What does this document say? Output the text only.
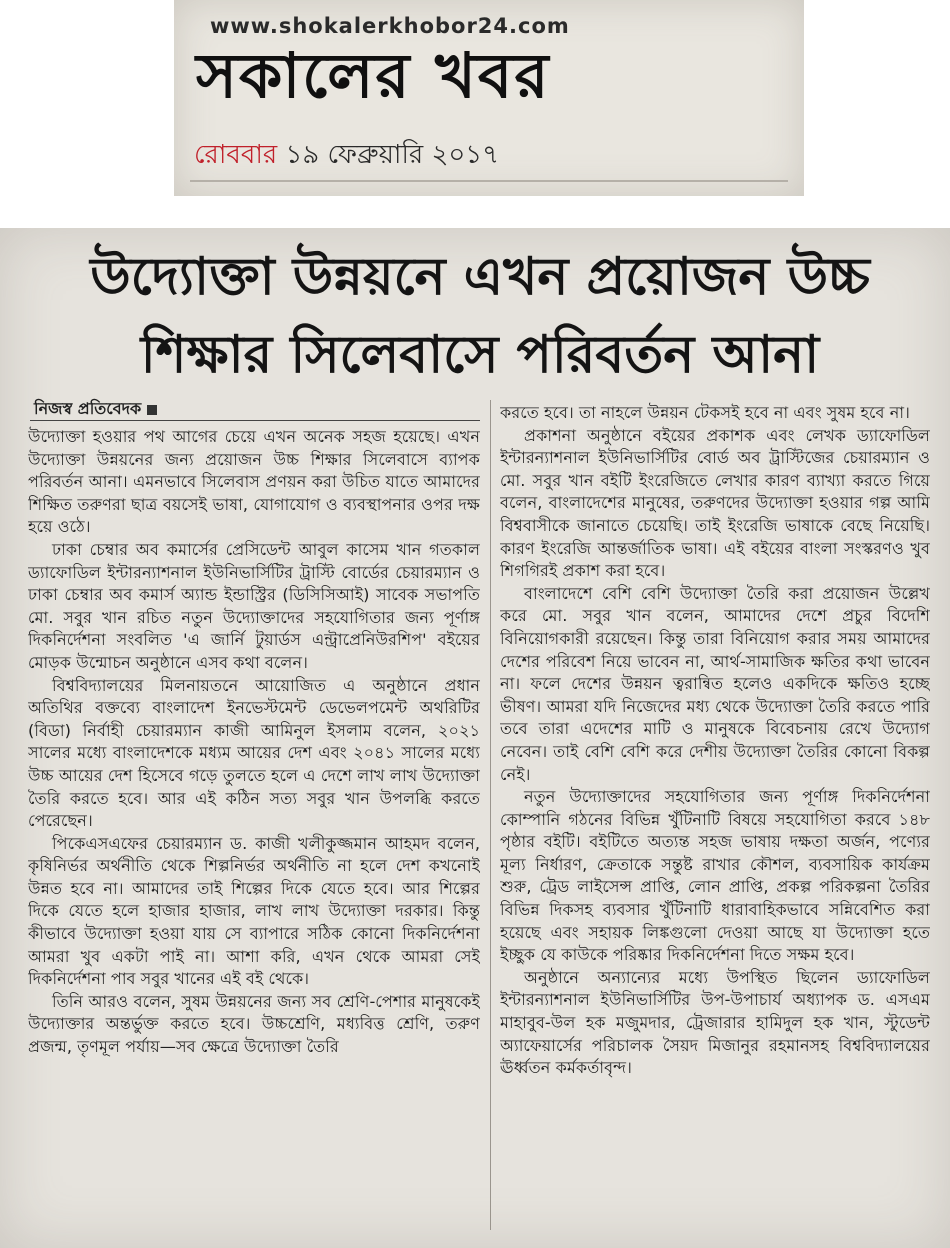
www.shokalerkhobor24.com
সকালের খবর
রোববার ১৯ ফেব্রুয়ারি ২০১৭
উদ্যোক্তা উন্নয়নে এখন প্রয়োজন উচ্চ
শিক্ষার সিলেবাসে পরিবর্তন আনা
নিজস্ব প্রতিবেদক

উদ্যোক্তা হওয়ার পথ আগের চেয়ে এখন অনেক সহজ হয়েছে। এখন উদ্যোক্তা উন্নয়নের জন্য প্রয়োজন উচ্চ শিক্ষার সিলেবাসে ব্যাপক পরিবর্তন আনা। এমনভাবে সিলেবাস প্রণয়ন করা উচিত যাতে আমাদের শিক্ষিত তরুণরা ছাত্র বয়সেই ভাষা, যোগাযোগ ও ব্যবস্থাপনার ওপর দক্ষ হয়ে ওঠে।

ঢাকা চেম্বার অব কমার্সের প্রেসিডেন্ট আবুল কাসেম খান গতকাল ড্যাফোডিল ইন্টারন্যাশনাল ইউনিভার্সিটির ট্রাস্টি বোর্ডের চেয়ারম্যান ও ঢাকা চেম্বার অব কমার্স অ্যান্ড ইন্ডাস্ট্রির (ডিসিসিআই) সাবেক সভাপতি মো. সবুর খান রচিত নতুন উদ্যোক্তাদের সহযোগিতার জন্য পূর্ণাঙ্গ দিকনির্দেশনা সংবলিত 'এ জার্নি টুয়ার্ডস এন্ট্রাপ্রেনিউরশিপ' বইয়ের মোড়ক উন্মোচন অনুষ্ঠানে এসব কথা বলেন।

বিশ্ববিদ্যালয়ের মিলনায়তনে আয়োজিত এ অনুষ্ঠানে প্রধান অতিথির বক্তব্যে বাংলাদেশ ইনভেস্টমেন্ট ডেভেলপমেন্ট অথরিটির (বিডা) নির্বাহী চেয়ারম্যান কাজী আমিনুল ইসলাম বলেন, ২০২১ সালের মধ্যে বাংলাদেশকে মধ্যম আয়ের দেশ এবং ২০৪১ সালের মধ্যে উচ্চ আয়ের দেশ হিসেবে গড়ে তুলতে হলে এ দেশে লাখ লাখ উদ্যোক্তা তৈরি করতে হবে। আর এই কঠিন সত্য সবুর খান উপলব্ধি করতে পেরেছেন।

পিকেএসএফের চেয়ারম্যান ড. কাজী খলীকুজ্জমান আহমদ বলেন, কৃষিনির্ভর অর্থনীতি থেকে শিল্পনির্ভর অর্থনীতি না হলে দেশ কখনোই উন্নত হবে না। আমাদের তাই শিল্পের দিকে যেতে হবে। আর শিল্পের দিকে যেতে হলে হাজার হাজার, লাখ লাখ উদ্যোক্তা দরকার। কিন্তু কীভাবে উদ্যোক্তা হওয়া যায় সে ব্যাপারে সঠিক কোনো দিকনির্দেশনা আমরা খুব একটা পাই না। আশা করি, এখন থেকে আমরা সেই দিকনির্দেশনা পাব সবুর খানের এই বই থেকে।

তিনি আরও বলেন, সুষম উন্নয়নের জন্য সব শ্রেণি-পেশার মানুষকেই উদ্যোক্তার অন্তর্ভুক্ত করতে হবে। উচ্চশ্রেণি, মধ্যবিত্ত শ্রেণি, তরুণ প্রজন্ম, তৃণমূল পর্যায়—সব ক্ষেত্রে উদ্যোক্তা তৈরি

করতে হবে। তা নাহলে উন্নয়ন টেকসই হবে না এবং সুষম হবে না।

প্রকাশনা অনুষ্ঠানে বইয়ের প্রকাশক এবং লেখক ড্যাফোডিল ইন্টারন্যাশনাল ইউনিভার্সিটির বোর্ড অব ট্রাস্টিজের চেয়ারম্যান ও মো. সবুর খান বইটি ইংরেজিতে লেখার কারণ ব্যাখ্যা করতে গিয়ে বলেন, বাংলাদেশের মানুষের, তরুণদের উদ্যোক্তা হওয়ার গল্প আমি বিশ্ববাসীকে জানাতে চেয়েছি। তাই ইংরেজি ভাষাকে বেছে নিয়েছি। কারণ ইংরেজি আন্তর্জাতিক ভাষা। এই বইয়ের বাংলা সংস্করণও খুব শিগগিরই প্রকাশ করা হবে।

বাংলাদেশে বেশি বেশি উদ্যোক্তা তৈরি করা প্রয়োজন উল্লেখ করে মো. সবুর খান বলেন, আমাদের দেশে প্রচুর বিদেশি বিনিয়োগকারী রয়েছেন। কিন্তু তারা বিনিয়োগ করার সময় আমাদের দেশের পরিবেশ নিয়ে ভাবেন না, আর্থ-সামাজিক ক্ষতির কথা ভাবেন না। ফলে দেশের উন্নয়ন ত্বরান্বিত হলেও একদিকে ক্ষতিও হচ্ছে ভীষণ। আমরা যদি নিজেদের মধ্য থেকে উদ্যোক্তা তৈরি করতে পারি তবে তারা এদেশের মাটি ও মানুষকে বিবেচনায় রেখে উদ্যোগ নেবেন। তাই বেশি বেশি করে দেশীয় উদ্যোক্তা তৈরির কোনো বিকল্প নেই।

নতুন উদ্যোক্তাদের সহযোগিতার জন্য পূর্ণাঙ্গ দিকনির্দেশনা কোম্পানি গঠনের বিভিন্ন খুঁটিনাটি বিষয়ে সহযোগিতা করবে ১৪৮ পৃষ্ঠার বইটি। বইটিতে অত্যন্ত সহজ ভাষায় দক্ষতা অর্জন, পণ্যের মূল্য নির্ধারণ, ক্রেতাকে সন্তুষ্ট রাখার কৌশল, ব্যবসায়িক কার্যক্রম শুরু, ট্রেড লাইসেন্স প্রাপ্তি, লোন প্রাপ্তি, প্রকল্প পরিকল্পনা তৈরির বিভিন্ন দিকসহ ব্যবসার খুঁটিনাটি ধারাবাহিকভাবে সন্নিবেশিত করা হয়েছে এবং সহায়ক লিঙ্কগুলো দেওয়া আছে যা উদ্যোক্তা হতে ইচ্ছুক যে কাউকে পরিষ্কার দিকনির্দেশনা দিতে সক্ষম হবে।

অনুষ্ঠানে অন্যান্যের মধ্যে উপস্থিত ছিলেন ড্যাফোডিল ইন্টারন্যাশনাল ইউনিভার্সিটির উপ-উপাচার্য অধ্যাপক ড. এসএম মাহাবুব-উল হক মজুমদার, ট্রেজারার হামিদুল হক খান, স্টুডেন্ট অ্যাফেয়ার্সের পরিচালক সৈয়দ মিজানুর রহমানসহ বিশ্ববিদ্যালয়ের ঊর্ধ্বতন কর্মকর্তাবৃন্দ।
